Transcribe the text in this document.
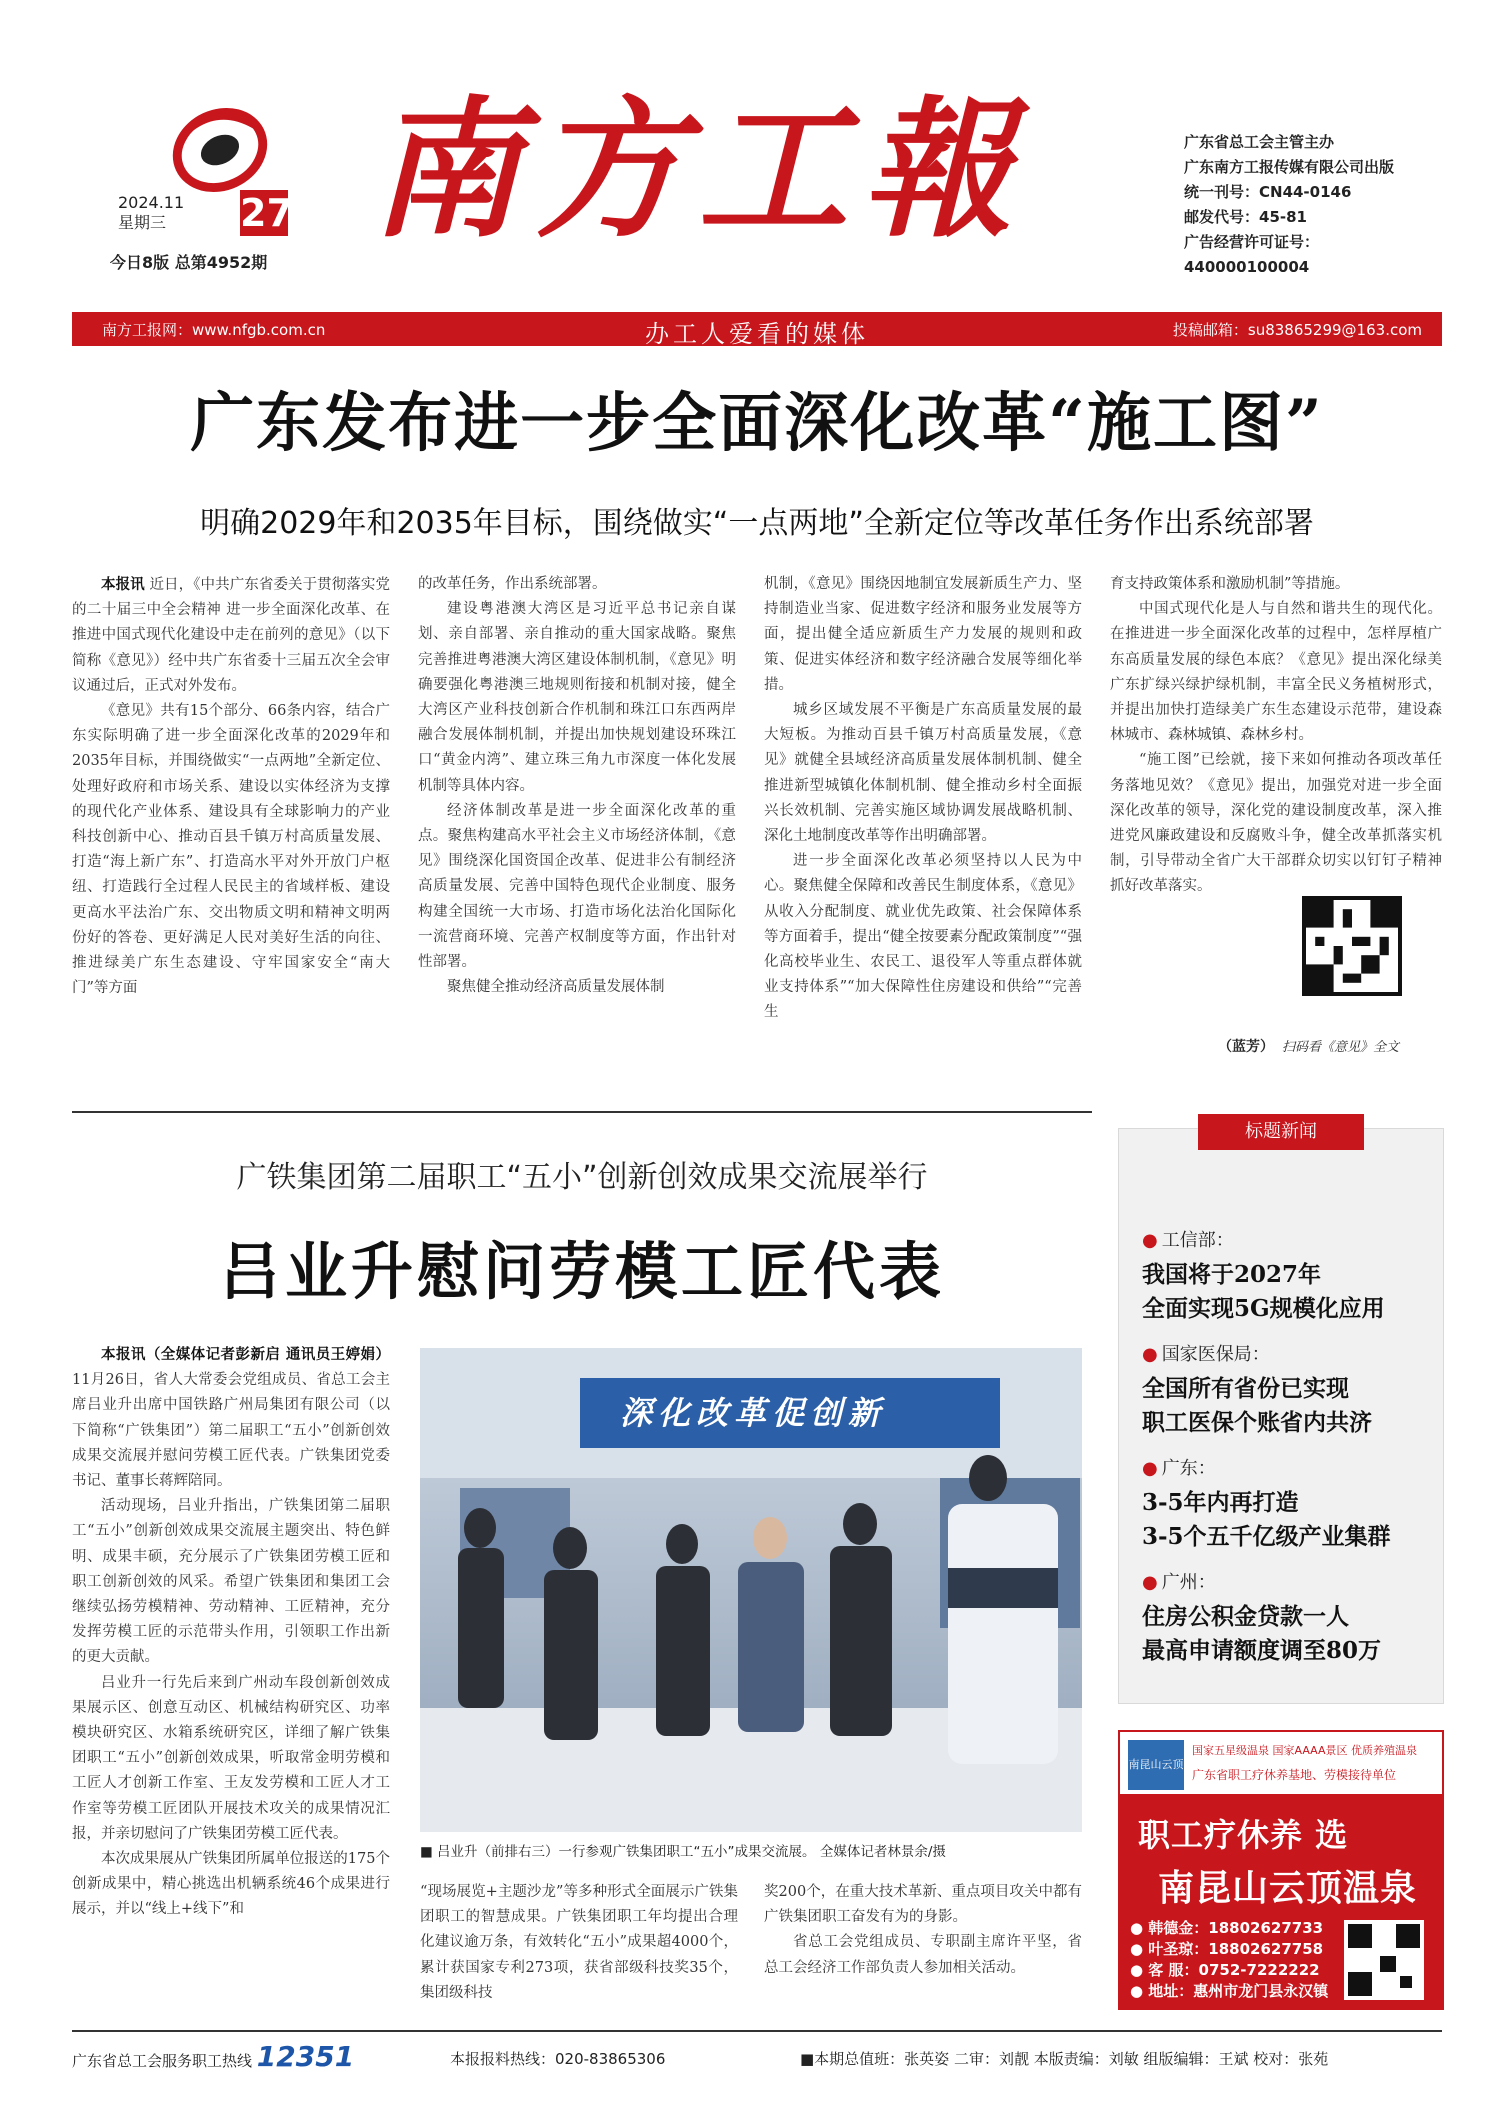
2024.11
星期三	27
今日8版 总第4952期
南方工報	广东省总工会主管主办
广东南方工报传媒有限公司出版
统一刊号：CN44-0146
邮发代号：45-81
广告经营许可证号：
440000100004
南方工报网：www.nfgb.com.cn	办工人爱看的媒体	投稿邮箱：su83865299@163.com
广东发布进一步全面深化改革“施工图”
明确2029年和2035年目标，围绕做实“一点两地”全新定位等改革任务作出系统部署

本报讯 近日，《中共广东省委关于贯彻落实党的二十届三中全会精神 进一步全面深化改革、在推进中国式现代化建设中走在前列的意见》（以下简称《意见》）经中共广东省委十三届五次全会审议通过后，正式对外发布。

《意见》共有15个部分、66条内容，结合广东实际明确了进一步全面深化改革的2029年和2035年目标，并围绕做实“一点两地”全新定位、处理好政府和市场关系、建设以实体经济为支撑的现代化产业体系、建设具有全球影响力的产业科技创新中心、推动百县千镇万村高质量发展、打造“海上新广东”、打造高水平对外开放门户枢纽、打造践行全过程人民民主的省域样板、建设更高水平法治广东、交出物质文明和精神文明两份好的答卷、更好满足人民对美好生活的向往、推进绿美广东生态建设、守牢国家安全“南大门”等方面

的改革任务，作出系统部署。

建设粤港澳大湾区是习近平总书记亲自谋划、亲自部署、亲自推动的重大国家战略。聚焦完善推进粤港澳大湾区建设体制机制，《意见》明确要强化粤港澳三地规则衔接和机制对接，健全大湾区产业科技创新合作机制和珠江口东西两岸融合发展体制机制，并提出加快规划建设环珠江口“黄金内湾”、建立珠三角九市深度一体化发展机制等具体内容。

经济体制改革是进一步全面深化改革的重点。聚焦构建高水平社会主义市场经济体制，《意见》围绕深化国资国企改革、促进非公有制经济高质量发展、完善中国特色现代企业制度、服务构建全国统一大市场、打造市场化法治化国际化一流营商环境、完善产权制度等方面，作出针对性部署。

聚焦健全推动经济高质量发展体制

机制，《意见》围绕因地制宜发展新质生产力、坚持制造业当家、促进数字经济和服务业发展等方面，提出健全适应新质生产力发展的规则和政策、促进实体经济和数字经济融合发展等细化举措。

城乡区域发展不平衡是广东高质量发展的最大短板。为推动百县千镇万村高质量发展，《意见》就健全县域经济高质量发展体制机制、健全推进新型城镇化体制机制、健全推动乡村全面振兴长效机制、完善实施区域协调发展战略机制、深化土地制度改革等作出明确部署。

进一步全面深化改革必须坚持以人民为中心。聚焦健全保障和改善民生制度体系，《意见》从收入分配制度、就业优先政策、社会保障体系等方面着手，提出“健全按要素分配政策制度”“强化高校毕业生、农民工、退役军人等重点群体就业支持体系”“加大保障性住房建设和供给”“完善生

育支持政策体系和激励机制”等措施。

中国式现代化是人与自然和谐共生的现代化。在推进进一步全面深化改革的过程中，怎样厚植广东高质量发展的绿色本底？《意见》提出深化绿美广东扩绿兴绿护绿机制，丰富全民义务植树形式，并提出加快打造绿美广东生态建设示范带，建设森林城市、森林城镇、森林乡村。

“施工图”已绘就，接下来如何推动各项改革任务落地见效？《意见》提出，加强党对进一步全面深化改革的领导，深化党的建设制度改革，深入推进党风廉政建设和反腐败斗争，健全改革抓落实机制，引导带动全省广大干部群众切实以钉钉子精神抓好改革落实。

（蓝芳） 扫码看《意见》全文
广铁集团第二届职工“五小”创新创效成果交流展举行
吕业升慰问劳模工匠代表

本报讯（全媒体记者彭新启 通讯员王婷娟） 11月26日，省人大常委会党组成员、省总工会主席吕业升出席中国铁路广州局集团有限公司（以下简称“广铁集团”）第二届职工“五小”创新创效成果交流展并慰问劳模工匠代表。广铁集团党委书记、董事长蒋辉陪同。

活动现场，吕业升指出，广铁集团第二届职工“五小”创新创效成果交流展主题突出、特色鲜明、成果丰硕，充分展示了广铁集团劳模工匠和职工创新创效的风采。希望广铁集团和集团工会继续弘扬劳模精神、劳动精神、工匠精神，充分发挥劳模工匠的示范带头作用，引领职工作出新的更大贡献。

吕业升一行先后来到广州动车段创新创效成果展示区、创意互动区、机械结构研究区、功率模块研究区、水箱系统研究区，详细了解广铁集团职工“五小”创新创效成果，听取常金明劳模和工匠人才创新工作室、王友发劳模和工匠人才工作室等劳模工匠团队开展技术攻关的成果情况汇报，并亲切慰问了广铁集团劳模工匠代表。

本次成果展从广铁集团所属单位报送的175个创新成果中，精心挑选出机辆系统46个成果进行展示，并以“线上+线下”和

深化改革促创新
■ 吕业升（前排右三）一行参观广铁集团职工“五小”成果交流展。 全媒体记者林景余/摄

“现场展览+主题沙龙”等多种形式全面展示广铁集团职工的智慧成果。广铁集团职工年均提出合理化建议逾万条，有效转化“五小”成果超4000个，累计获国家专利273项，获省部级科技奖35个，集团级科技

奖200个，在重大技术革新、重点项目攻关中都有广铁集团职工奋发有为的身影。

省总工会党组成员、专职副主席许平坚，省总工会经济工作部负责人参加相关活动。

标题新闻
● 工信部：
我国将于2027年
全面实现5G规模化应用
● 国家医保局：
全国所有省份已实现
职工医保个账省内共济
● 广东：
3-5年内再打造
3-5个五千亿级产业集群
● 广州：
住房公积金贷款一人
最高申请额度调至80万
南昆山云顶
国家五星级温泉 国家AAAA景区 优质养殖温泉
广东省职工疗休养基地、劳模接待单位
职工疗休养 选
南昆山云顶温泉
● 韩德金：18802627733
● 叶圣琼：18802627758
● 客 服：0752-7222222
● 地址：惠州市龙门县永汉镇
广东省总工会服务职工热线 12351	本报报料热线：020-83865306	■本期总值班：张英姿 二审：刘靓 本版责编：刘敏 组版编辑：王斌 校对：张苑
